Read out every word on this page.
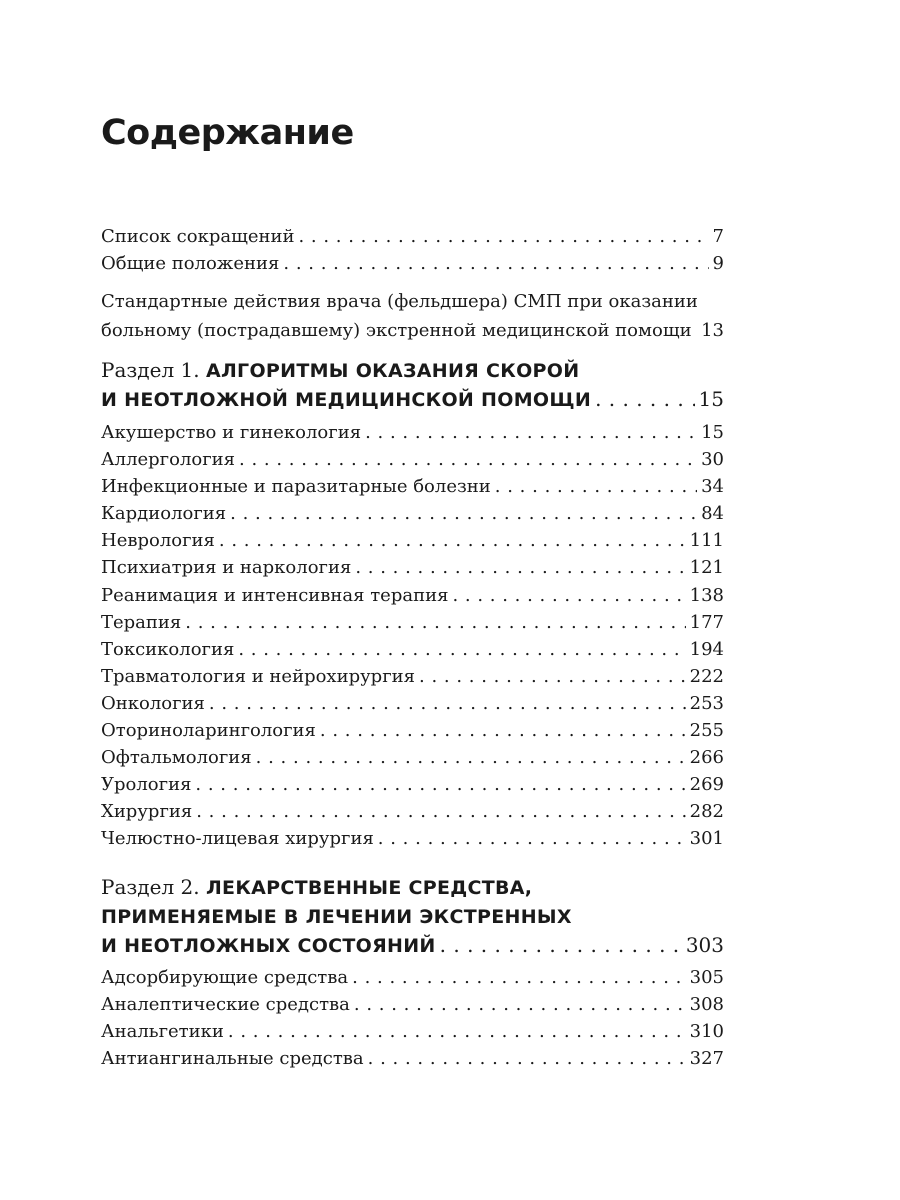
Содержание
Список сокращений . . .	7
Общие положения . . .	9
Стандартные действия врача (фельдшера) СМП при оказании
больному (пострадавшему) экстренной медицинской помощи . . . 13
Раздел 1. АЛГОРИТМЫ ОКАЗАНИЯ СКОРОЙ
И НЕОТЛОЖНОЙ МЕДИЦИНСКОЙ ПОМОЩИ . . .	15
Акушерство и гинекология . . .	15
Аллергология . . .	30
Инфекционные и паразитарные болезни . . .	34
Кардиология . . .	84
Неврология . . .	111
Психиатрия и наркология . . .	121
Реанимация и интенсивная терапия . . .	138
Терапия . . .	177
Токсикология . . .	194
Травматология и нейрохирургия . . .	222
Онкология . . .	253
Оториноларингология . . .	255
Офтальмология . . .	266
Урология . . .	269
Хирургия . . .	282
Челюстно-лицевая хирургия . . .	301
Раздел 2. ЛЕКАРСТВЕННЫЕ СРЕДСТВА,
ПРИМЕНЯЕМЫЕ В ЛЕЧЕНИИ ЭКСТРЕННЫХ
И НЕОТЛОЖНЫХ СОСТОЯНИЙ . . .	303
Адсорбирующие средства . . .	305
Аналептические средства . . .	308
Анальгетики . . .	310
Антиангинальные средства . . .	327
